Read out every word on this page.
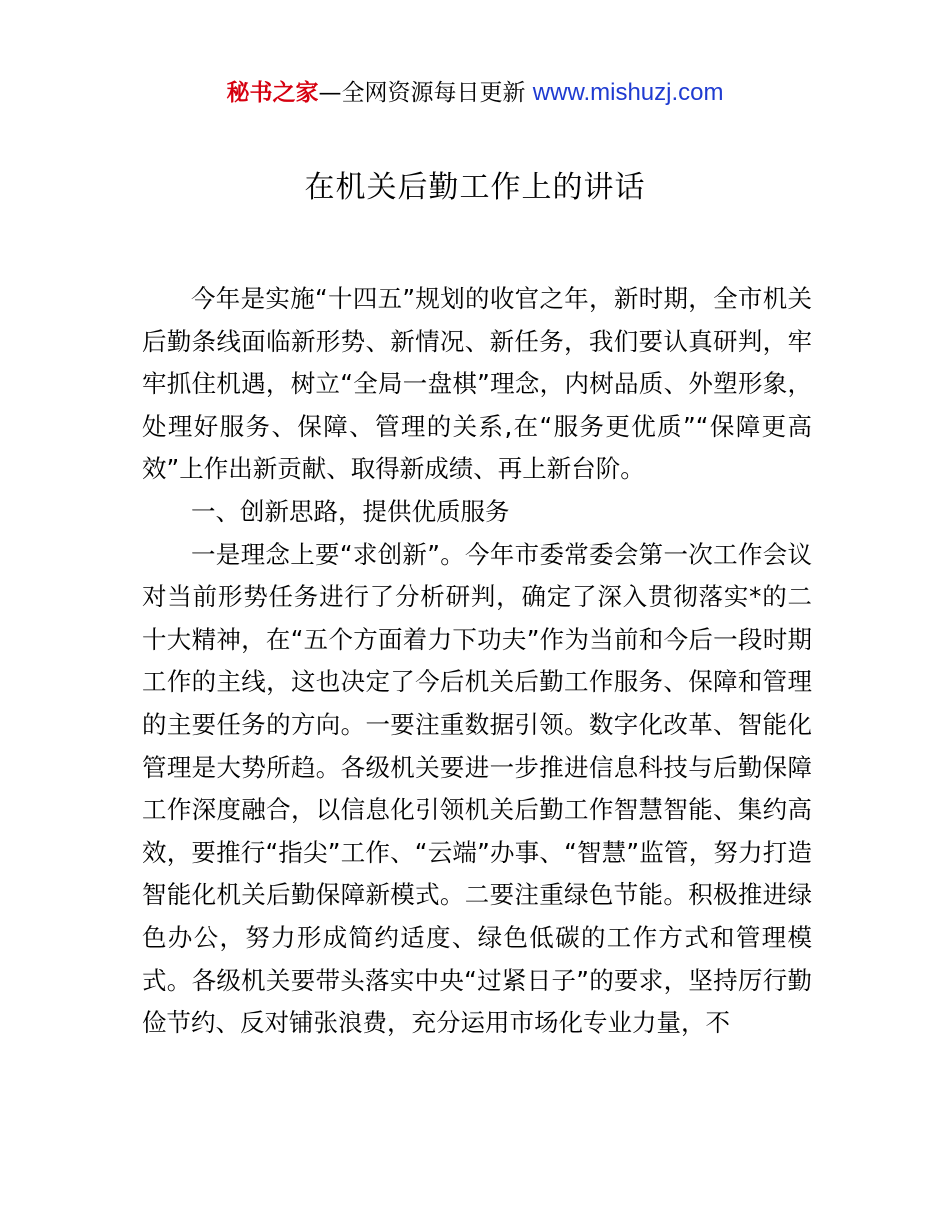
秘书之家—全网资源每日更新 www.mishuzj.com
在机关后勤工作上的讲话

今年是实施“十四五”规划的收官之年，新时期，全市机关后勤条线面临新形势、新情况、新任务，我们要认真研判，牢牢抓住机遇，树立“全局一盘棋”理念，内树品质、外塑形象，处理好服务、保障、管理的关系,在“服务更优质”“保障更高效”上作出新贡献、取得新成绩、再上新台阶。

一、创新思路，提供优质服务

一是理念上要“求创新”。今年市委常委会第一次工作会议对当前形势任务进行了分析研判，确定了深入贯彻落实*的二十大精神，在“五个方面着力下功夫”作为当前和今后一段时期工作的主线，这也决定了今后机关后勤工作服务、保障和管理的主要任务的方向。一要注重数据引领。数字化改革、智能化管理是大势所趋。各级机关要进一步推进信息科技与后勤保障工作深度融合，以信息化引领机关后勤工作智慧智能、集约高效，要推行“指尖”工作、“云端”办事、“智慧”监管，努力打造智能化机关后勤保障新模式。二要注重绿色节能。积极推进绿色办公，努力形成简约适度、绿色低碳的工作方式和管理模式。各级机关要带头落实中央“过紧日子”的要求，坚持厉行勤俭节约、反对铺张浪费，充分运用市场化专业力量，不
